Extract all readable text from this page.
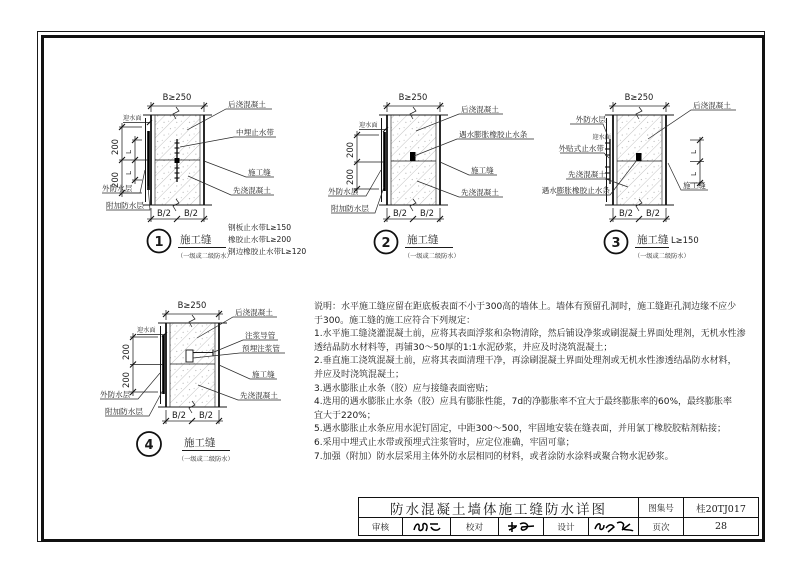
B≥250
B/2 B/2
200
200
L
L
迎水面
后浇混凝土
中埋止水带
施工缝
先浇混凝土
外防水层
附加防水层
1 施工缝
（一级或二级防水）
钢板止水带L≥150
橡胶止水带L≥200
钢边橡胶止水带L≥120
B≥250
B/2 B/2
200
200
迎水面
后浇混凝土
遇水膨胀橡胶止水条
施工缝
先浇混凝土
外防水层
附加防水层
2 施工缝
（一级或二级防水）
B≥250
B/2 B/2
L
L
后浇混凝土
外防水层
迎水面
外贴式止水带
先浇混凝土
遇水膨胀橡胶止水条
施工缝
3 施工缝 L≥150
（一级或二级防水）
B≥250
B/2 B/2
200
200
迎水面
后浇混凝土
注浆导管
预埋注浆管
施工缝
先浇混凝土
外防水层
附加防水层
4	施工缝
（一级或二级防水）
说明：水平施工缝应留在距底板表面不小于300高的墙体上。墙体有预留孔洞时，施工缝距孔洞边缘不应少
于300。施工缝的施工应符合下列规定：
1.水平施工缝浇灌混凝土前，应将其表面浮浆和杂物清除，然后铺设净浆或刷混凝土界面处理剂，无机水性渗
透结晶防水材料等，再铺30～50厚的1:1水泥砂浆，并应及时浇筑混凝土；
2.垂直施工浇筑混凝土前，应将其表面清理干净，再涂刷混凝土界面处理剂或无机水性渗透结晶防水材料，
并应及时浇筑混凝土；
3.遇水膨胀止水条（胶）应与接缝表面密贴；
4.选用的遇水膨胀止水条（胶）应具有膨胀性能，7d的净膨胀率不宜大于最终膨胀率的60%，最终膨胀率
宜大于220%；
5.遇水膨胀止水条应用水泥钉固定，中距300～500，牢固地安装在缝表面，并用氯丁橡胶胶粘剂粘接；
6.采用中埋式止水带或预埋式注浆管时，应定位准确，牢固可靠；
7.加强（附加）防水层采用主体外防水层相同的材料，或者涂防水涂料或聚合物水泥砂浆。
防水混凝土墙体施工缝防水详图	图集号	桂20TJ017
审核	校对	设计	页次	28
